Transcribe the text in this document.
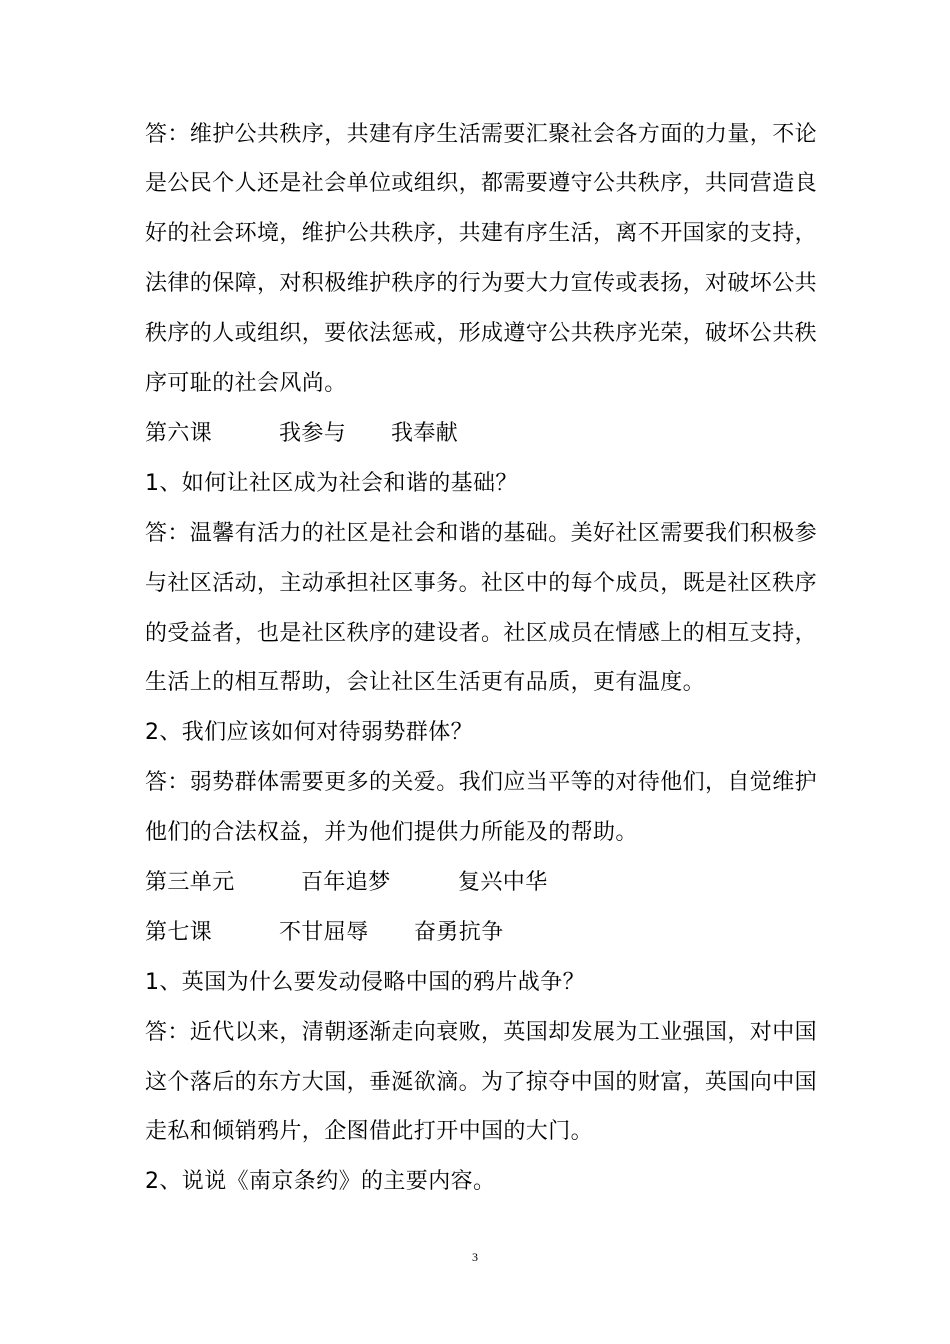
答：维护公共秩序，共建有序生活需要汇聚社会各方面的力量，不论
是公民个人还是社会单位或组织，都需要遵守公共秩序，共同营造良
好的社会环境，维护公共秩序，共建有序生活，离不开国家的支持，
法律的保障，对积极维护秩序的行为要大力宣传或表扬，对破坏公共
秩序的人或组织，要依法惩戒，形成遵守公共秩序光荣，破坏公共秩
序可耻的社会风尚。
第六课	我参与 我奉献
1、如何让社区成为社会和谐的基础？
答：温馨有活力的社区是社会和谐的基础。美好社区需要我们积极参
与社区活动，主动承担社区事务。社区中的每个成员，既是社区秩序
的受益者，也是社区秩序的建设者。社区成员在情感上的相互支持，
生活上的相互帮助，会让社区生活更有品质，更有温度。
2、我们应该如何对待弱势群体？
答：弱势群体需要更多的关爱。我们应当平等的对待他们，自觉维护
他们的合法权益，并为他们提供力所能及的帮助。
第三单元	百年追梦	复兴中华
第七课	不甘屈辱 奋勇抗争
1、英国为什么要发动侵略中国的鸦片战争？
答：近代以来，清朝逐渐走向衰败，英国却发展为工业强国，对中国
这个落后的东方大国，垂涎欲滴。为了掠夺中国的财富，英国向中国
走私和倾销鸦片，企图借此打开中国的大门。
2、说说《南京条约》的主要内容。
3
